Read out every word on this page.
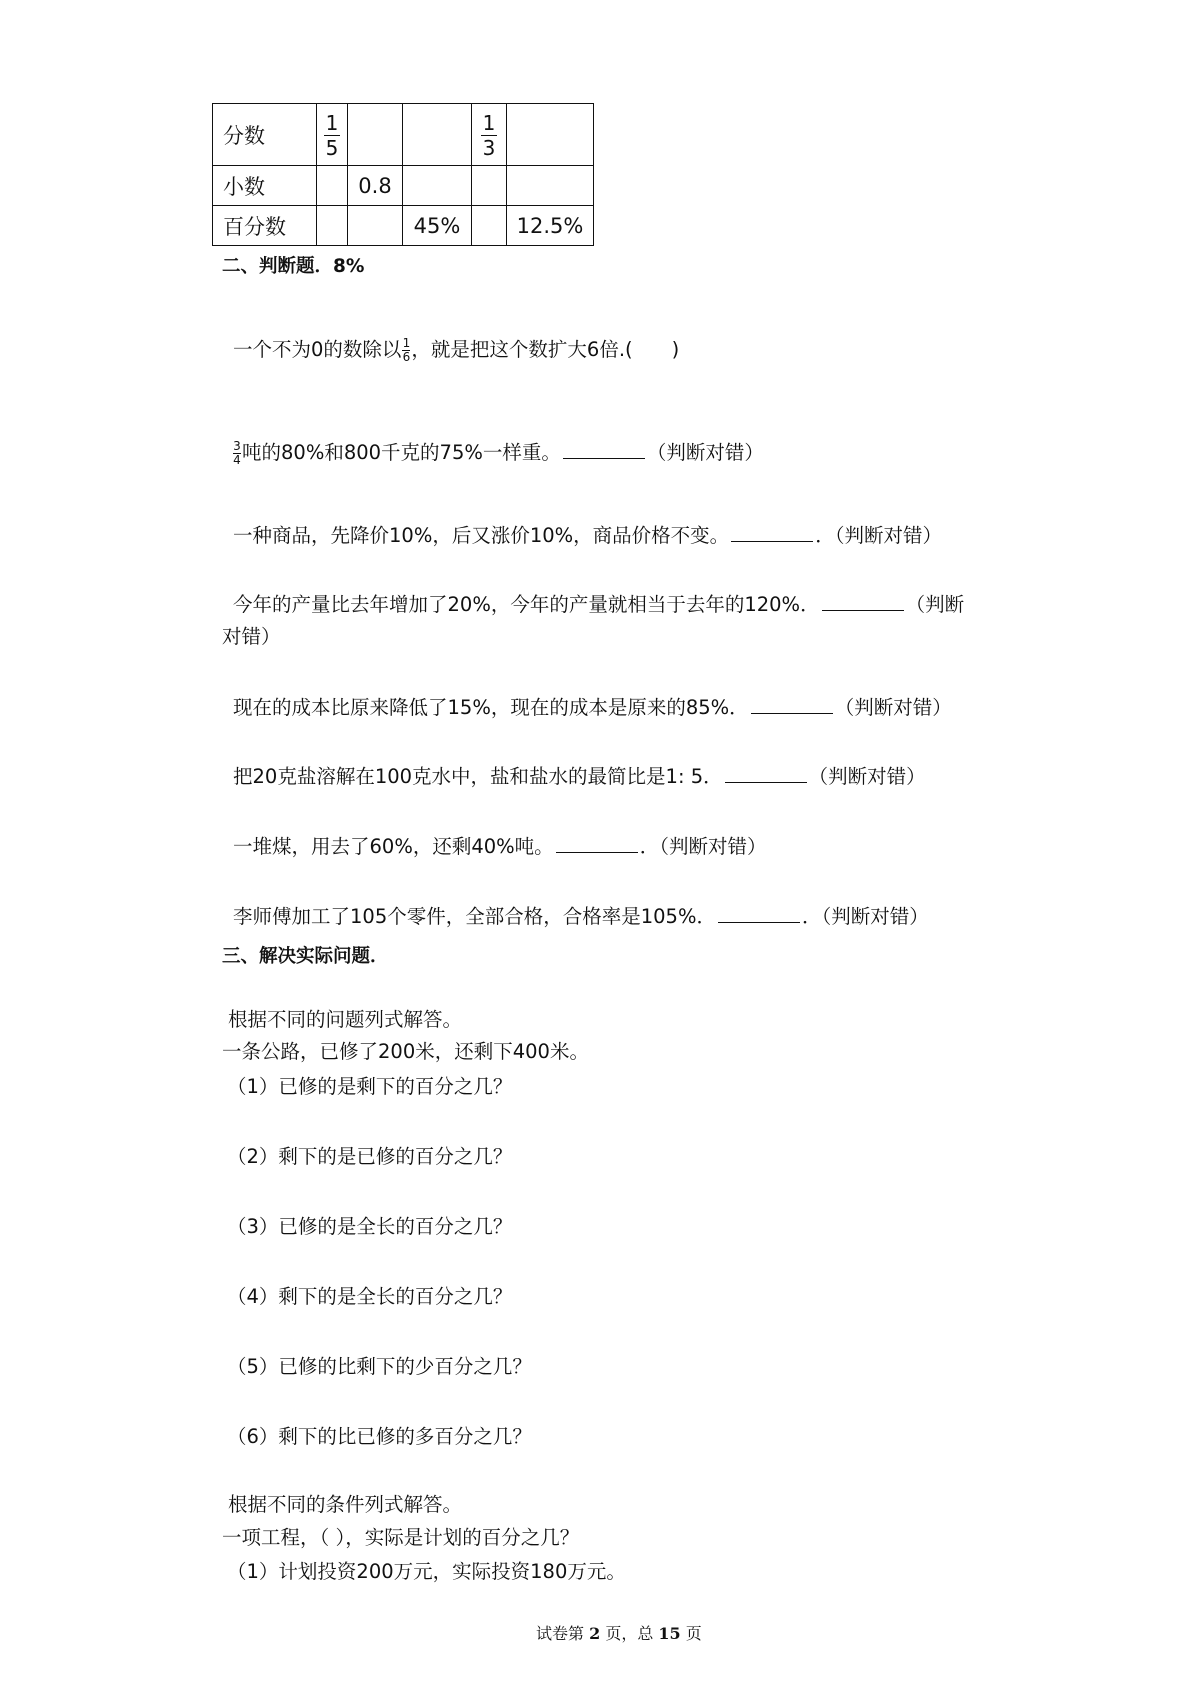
分数	$\frac{1}{5}$			$\frac{1}{3}$

小数		0.8			
百分数			45%		12.5%
二、判断题．8%
一个不为0的数除以 $\frac{1}{6}$ ，就是把这个数扩大6倍.(　　)
$\frac{3}{4}$ 吨的80%和800千克的75%一样重。	（判断对错）
一种商品，先降价10%，后又涨价10%，商品价格不变。	．（判断对错）
今年的产量比去年增加了20%，今年的产量就相当于去年的120%．	（判断
对错）
现在的成本比原来降低了15%，现在的成本是原来的85%．	（判断对错）
把20克盐溶解在100克水中，盐和盐水的最简比是1: 5．	（判断对错）
一堆煤，用去了60%，还剩40%吨。	．（判断对错）
李师傅加工了105个零件，全部合格，合格率是105%．	．（判断对错）
三、解决实际问题．
根据不同的问题列式解答。
一条公路，已修了200米，还剩下400米。
（1）已修的是剩下的百分之几？
（2）剩下的是已修的百分之几？
（3）已修的是全长的百分之几？
（4）剩下的是全长的百分之几？
（5）已修的比剩下的少百分之几？
（6）剩下的比已修的多百分之几？
根据不同的条件列式解答。
一项工程，（ ），实际是计划的百分之几？
（1）计划投资200万元，实际投资180万元。
试卷第 2 页，总 15 页
